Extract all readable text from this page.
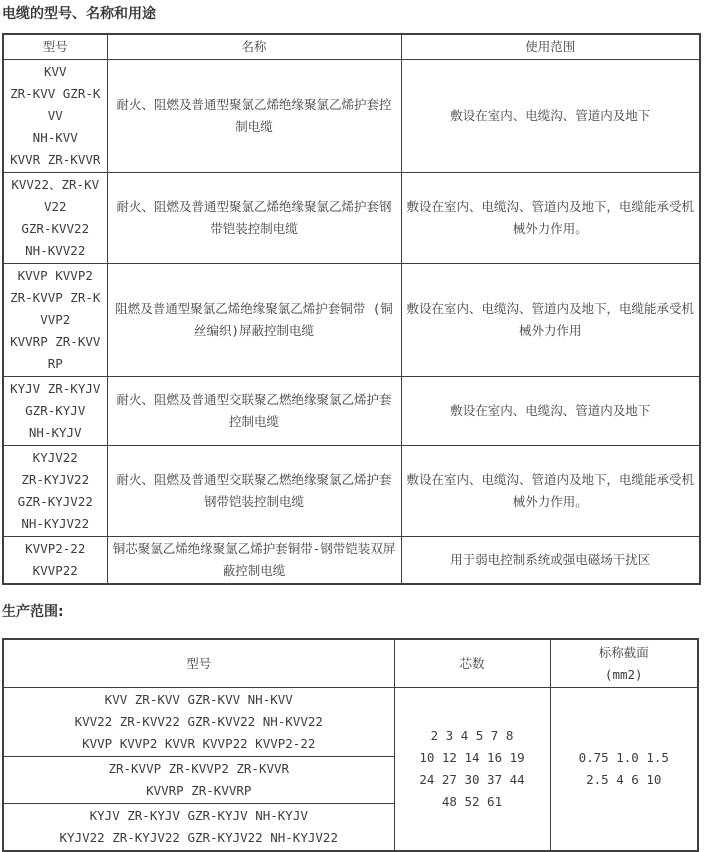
电缆的型号、名称和用途
型号	名称	使用范围

KVV
ZR-KVV GZR-KVV
NH-KVV
KVVR ZR-KVVR	耐火、阻燃及普通型聚氯乙烯绝缘聚氯乙烯护套控制电缆	敷设在室内、电缆沟、管道内及地下

KVV22、ZR-KVV22
GZR-KVV22
NH-KVV22	耐火、阻燃及普通型聚氯乙烯绝缘聚氯乙烯护套钢带铠装控制电缆	敷设在室内、电缆沟、管道内及地下，电缆能承受机械外力作用。

KVVP KVVP2
ZR-KVVP ZR-KVVP2
KVVRP ZR-KVVRP	阻燃及普通型聚氯乙烯绝缘聚氯乙烯护套铜带 (铜丝编织)屏蔽控制电缆	敷设在室内、电缆沟、管道内及地下，电缆能承受机械外力作用

KYJV ZR-KYJV
GZR-KYJV
NH-KYJV	耐火、阻燃及普通型交联聚乙燃绝缘聚氯乙烯护套控制电缆	敷设在室内、电缆沟、管道内及地下

KYJV22
ZR-KYJV22
GZR-KYJV22
NH-KYJV22	耐火、阻燃及普通型交联聚乙燃绝缘聚氯乙烯护套钢带铠装控制电缆	敷设在室内、电缆沟、管道内及地下，电缆能承受机械外力作用。

KVVP2-22
KVVP22	铜芯聚氯乙烯绝缘聚氯乙烯护套铜带-钢带铠装双屏蔽控制电缆	用于弱电控制系统或强电磁场干扰区
生产范围:
型号	芯数	标称截面
(mm2)

KVV ZR-KVV GZR-KVV NH-KVV
KVV22 ZR-KVV22 GZR-KVV22 NH-KVV22
KVVP KVVP2 KVVR KVVP22 KVVP2-22	2 3 4 5 7 8
10 12 14 16 19
24 27 30 37 44
48 52 61	0.75 1.0 1.5
2.5 4 6 10

ZR-KVVP ZR-KVVP2 ZR-KVVR
KVVRP ZR-KVVRP		

KYJV ZR-KYJV GZR-KYJV NH-KYJV
KYJV22 ZR-KYJV22 GZR-KYJV22 NH-KYJV22		
